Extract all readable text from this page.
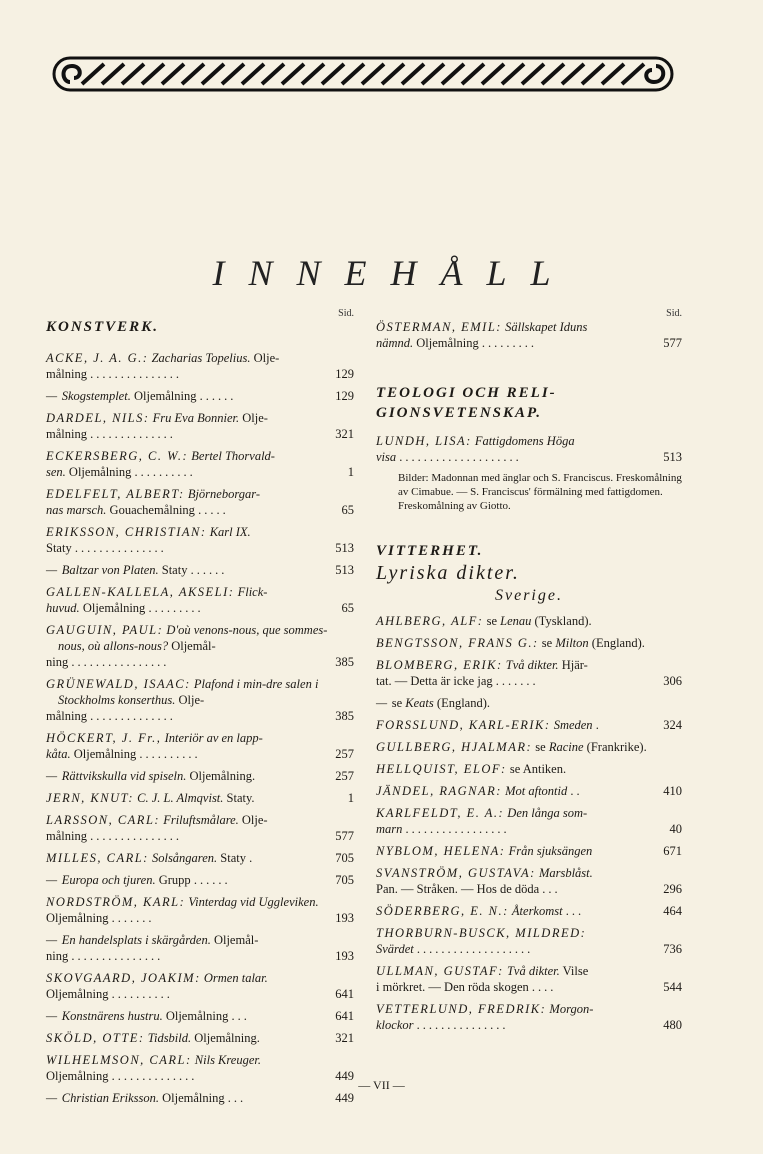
INNEHÅLL
Sid.
KONSTVERK.
ACKE, J. A. G.: Zacharias Topelius. Olje-
målning ...............	129
— Skogstemplet. Oljemålning ......	129
DARDEL, NILS: Fru Eva Bonnier. Olje-
målning ..............	321
ECKERSBERG, C. W.: Bertel Thorvald-
sen. Oljemålning ..........	1
EDELFELT, ALBERT: Björneborgar-
nas marsch. Gouachemålning .....	65
ERIKSSON, CHRISTIAN: Karl IX.
Staty ...............	513
— Baltzar von Platen. Staty ......	513
GALLEN-KALLELA, AKSELI: Flick-
huvud. Oljemålning .........	65
GAUGUIN, PAUL: D'où venons-nous, que sommes-nous, où allons-nous? Oljemål-
ning ................	385
GRÜNEWALD, ISAAC: Plafond i min-dre salen i Stockholms konserthus. Olje-
målning ..............	385
HÖCKERT, J. Fr., Interiör av en lapp-
kåta. Oljemålning ..........	257
— Rättvikskulla vid spiseln. Oljemålning.	257
JERN, KNUT: C. J. L. Almqvist. Staty.	1
LARSSON, CARL: Friluftsmålare. Olje-
målning ...............	577
MILLES, CARL: Solsångaren. Staty .	705
— Europa och tjuren. Grupp ......	705
NORDSTRÖM, KARL: Vinterdag vid Uggleviken.
Oljemålning .......	193
— En handelsplats i skärgården. Oljemål-
ning ...............	193
SKOVGAARD, JOAKIM: Ormen talar.
Oljemålning ..........	641
— Konstnärens hustru. Oljemålning ...	641
SKÖLD, OTTE: Tidsbild. Oljemålning.	321
WILHELMSON, CARL: Nils Kreuger.
Oljemålning ..............	449
— Christian Eriksson. Oljemålning ...	449
Sid.
ÖSTERMAN, EMIL: Sällskapet Iduns
nämnd. Oljemålning .........	577
TEOLOGI OCH RELI-GIONSVETENSKAP.
LUNDH, LISA: Fattigdomens Höga
visa ....................	513
Bilder: Madonnan med änglar och S. Franciscus. Freskomålning av Cimabue. — S. Franciscus' förmälning med fattigdomen. Freskomålning av Giotto.
VITTERHET.
Lyriska dikter.
Sverige.
AHLBERG, ALF: se Lenau (Tyskland).
BENGTSSON, FRANS G.: se Milton (England).
BLOMBERG, ERIK: Två dikter. Hjär-
tat. — Detta är icke jag .......	306
— se Keats (England).
FORSSLUND, KARL-ERIK: Smeden .	324
GULLBERG, HJALMAR: se Racine (Frankrike).
HELLQUIST, ELOF: se Antiken.
JÄNDEL, RAGNAR: Mot aftontid ..	410
KARLFELDT, E. A.: Den långa som-
marn .................	40
NYBLOM, HELENA: Från sjuksängen	671
SVANSTRÖM, GUSTAVA: Marsblåst.
Pan. — Stråken. — Hos de döda ...	296
SÖDERBERG, E. N.: Återkomst ...	464
THORBURN-BUSCK, MILDRED:
Svärdet ...................	736
ULLMAN, GUSTAF: Två dikter. Vilse
i mörkret. — Den röda skogen ....	544
VETTERLUND, FREDRIK: Morgon-
klockor ...............	480
— VII —
